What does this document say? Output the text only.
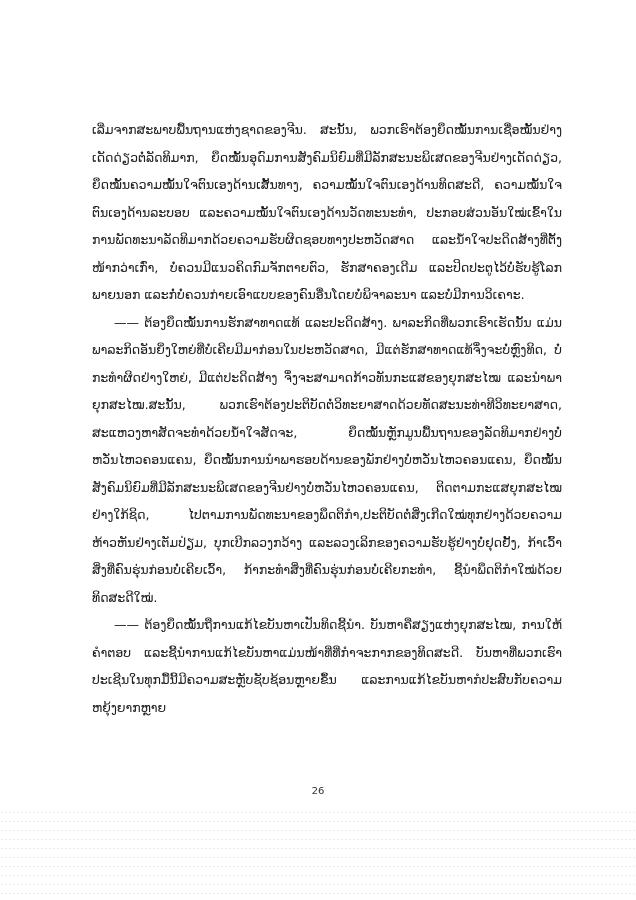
ເລີ່ມຈາກສະພາບພື້ນຖານແຫ່ງຊາດຂອງຈີນ. ສະນັ້ນ, ພວກເຮົາຕ້ອງຍຶດໝັ້ນການເຊື່ອໝັ້ນຢ່າງເດັດດ່ຽວຕໍ່ລັດທິມາກ, ຍຶດໝັ້ນອຸດົມການສັງຄົມນິຍົມທີ່ມີລັກສະນະພິເສດຂອງຈີນຢ່າງເດັດດ່ຽວ, ຍຶດໝັ້ນຄວາມໝັ້ນໃຈຕົນເອງດ້ານເສັ້ນທາງ, ຄວາມໝັ້ນໃຈຕົນເອງດ້ານທິດສະດີ, ຄວາມໝັ້ນໃຈຕົນເອງດ້ານລະບອບ ແລະຄວາມໝັ້ນໃຈຕົນເອງດ້ານວັດທະນະທຳ, ປະກອບສ່ວນອັນໃໝ່ເຂົ້າໃນການພັດທະນາລັດທິມາກດ້ວຍຄວາມຮັບຜິດຊອບທາງປະຫວັດສາດ ແລະນ້ຳໃຈປະດິດສ້າງທີ່ຕັ້ງໜ້າກວ່າເກົ່າ, ບໍ່ຄວນມີແນວຄິດກົມຈັກຕາຍຕົວ, ຮັກສາຄອງເດີມ ແລະປິດປະຕູໄວ້ບໍ່ຮັບຮູ້ໂລກພາຍນອກ ແລະກໍ່ບໍ່ຄວນກ່າຍເອົາແບບຂອງຄົນອື່ນໂດຍບໍ່ພິຈາລະນາ ແລະບໍ່ມີການວິເຄາະ.

—— ຕ້ອງຍຶດໝັ້ນການຮັກສາທາດແທ້ ແລະປະດິດສ້າງ. ພາລະກິດທີ່ພວກເຮົາເຮັດນັ້ນ ແມ່ນພາລະກິດອັນຍິ່ງໃຫຍ່ທີ່ບໍ່ເຄີຍມີມາກ່ອນໃນປະຫວັດສາດ, ມີແຕ່ຮັກສາທາດແທ້ຈຶ່ງຈະບໍ່ຫຼົງທິດ, ບໍ່ກະທຳຜິດຢ່າງໃຫຍ່, ມີແຕ່ປະດິດສ້າງ ຈຶ່ງຈະສາມາດກ້າວທັນກະແສຂອງຍຸກສະໄໝ ແລະນຳພາຍຸກສະໄໝ.ສະນັ້ນ, ພວກເຮົາຕ້ອງປະຕິບັດຕໍ່ວິທະຍາສາດດ້ວຍທັດສະນະທ່າທີວິທະຍາສາດ, ສະແຫວງຫາສັດຈະທຳດ້ວຍນ້ຳໃຈສັດຈະ, ຍຶດໝັ້ນຫຼັກມູນພື້ນຖານຂອງລັດທິມາກຢ່າງບໍ່ຫວັ່ນໄຫວຄອນແຄນ, ຍຶດໝັ້ນການນຳພາຮອບດ້ານຂອງພັກຢ່າງບໍ່ຫວັ່ນໄຫວຄອນແຄນ, ຍຶດໝັ້ນສັງຄົມນິຍົມທີ່ມີລັກສະນະພິເສດຂອງຈີນຢ່າງບໍ່ຫວັ່ນໄຫວຄອນແຄນ, ຕິດຕາມກະແສຍຸກສະໄໝຢ່າງໃກ້ຊິດ, ໄປຕາມການພັດທະນາຂອງພຶດຕິກຳ,ປະຕິບັດຕໍ່ສິ່ງເກີດໃໝ່ທຸກຢ່າງດ້ວຍຄວາມຫ້າວຫັນຢ່າງເຕັມປ່ຽມ, ບຸກເບີກລວງກວ້າງ ແລະລວງເລິກຂອງຄວາມຮັບຮູ້ຢ່າງບໍ່ຢຸດຢັ້ງ, ກ້າເວົ້າສິ່ງທີ່ຄົນຮຸ່ນກ່ອນບໍ່ເຄີຍເວົ້າ, ກ້າກະທຳສິ່ງທີ່ຄົນຮຸ່ນກ່ອນບໍ່ເຄີຍກະທຳ, ຊີ້ນຳພຶດຕິກຳໃໝ່ດ້ວຍທິດສະດີໃໝ່.

—— ຕ້ອງຍຶດໝັ້ນຖືການແກ້ໄຂບັນຫາເປັນທິດຊີ້ນຳ. ບັນຫາຄືສຽງແຫ່ງຍຸກສະໄໝ, ການໃຫ້ຄຳຕອບ ແລະຊີ້ນຳການແກ້ໄຂບັນຫາແມ່ນໜ້າທີ່ທີ່ກຳຈະກາກຂອງທິດສະດີ. ບັນຫາທີ່ພວກເຮົາປະເຊີນໃນທຸກມື້ນີ້ມີຄວາມສະຫຼັບຊັບຊ້ອນຫຼາຍຂຶ້ນ ແລະການແກ້ໄຂບັນຫາກໍປະສົບກັບຄວາມຫຍຸ້ງຍາກຫຼາຍ

26
